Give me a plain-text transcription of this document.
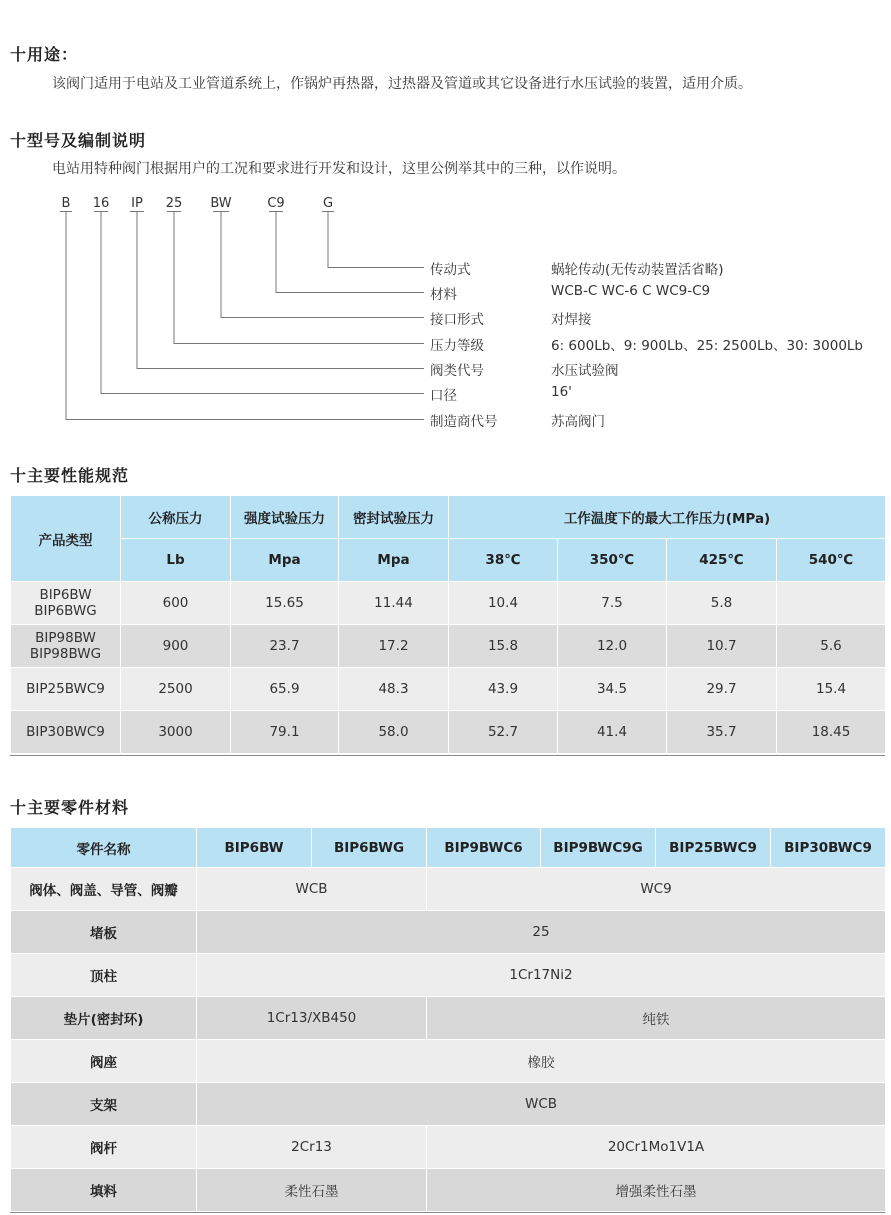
十用途：
该阀门适用于电站及工业管道系统上，作锅炉再热器，过热器及管道或其它设备进行水压试验的装置，适用介质。
十型号及编制说明
电站用特种阀门根据用户的工况和要求进行开发和设计，这里公例举其中的三种，以作说明。
B 16 IP 25 BW	C9	G
传动式	蜗轮传动(无传动装置活省略)
材料	WCB-C WC-6 C WC9-C9
接口形式	对焊接
压力等级	6: 600Lb、9: 900Lb、25: 2500Lb、30: 3000Lb
阀类代号	水压试验阀
口径	16'
制造商代号	苏高阀门
十主要性能规范
产品类型	公称压力	强度试验压力	密封试验压力	工作温度下的最大工作压力(MPa)			
	Lb	Mpa	Mpa	38℃	350℃	425℃	540℃
BIP6BW
BIP6BWG	600	15.65	11.44	10.4	7.5	5.8	
BIP98BW
BIP98BWG	900	23.7	17.2	15.8	12.0	10.7	5.6
BIP25BWC9	2500	65.9	48.3	43.9	34.5	29.7	15.4
BIP30BWC9	3000	79.1	58.0	52.7	41.4	35.7	18.45
十主要零件材料
零件名称	BIP6BW	BIP6BWG	BIP9BWC6	BIP9BWC9G	BIP25BWC9	BIP30BWC9
阀体、阀盖、导管、阀瓣	WCB		WC9			
堵板	25					
顶柱	1Cr17Ni2					
垫片(密封环)	1Cr13/XB450		纯铁			
阀座	橡胶					
支架	WCB					
阀杆	2Cr13		20Cr1Mo1V1A			
填料	柔性石墨		增强柔性石墨			
